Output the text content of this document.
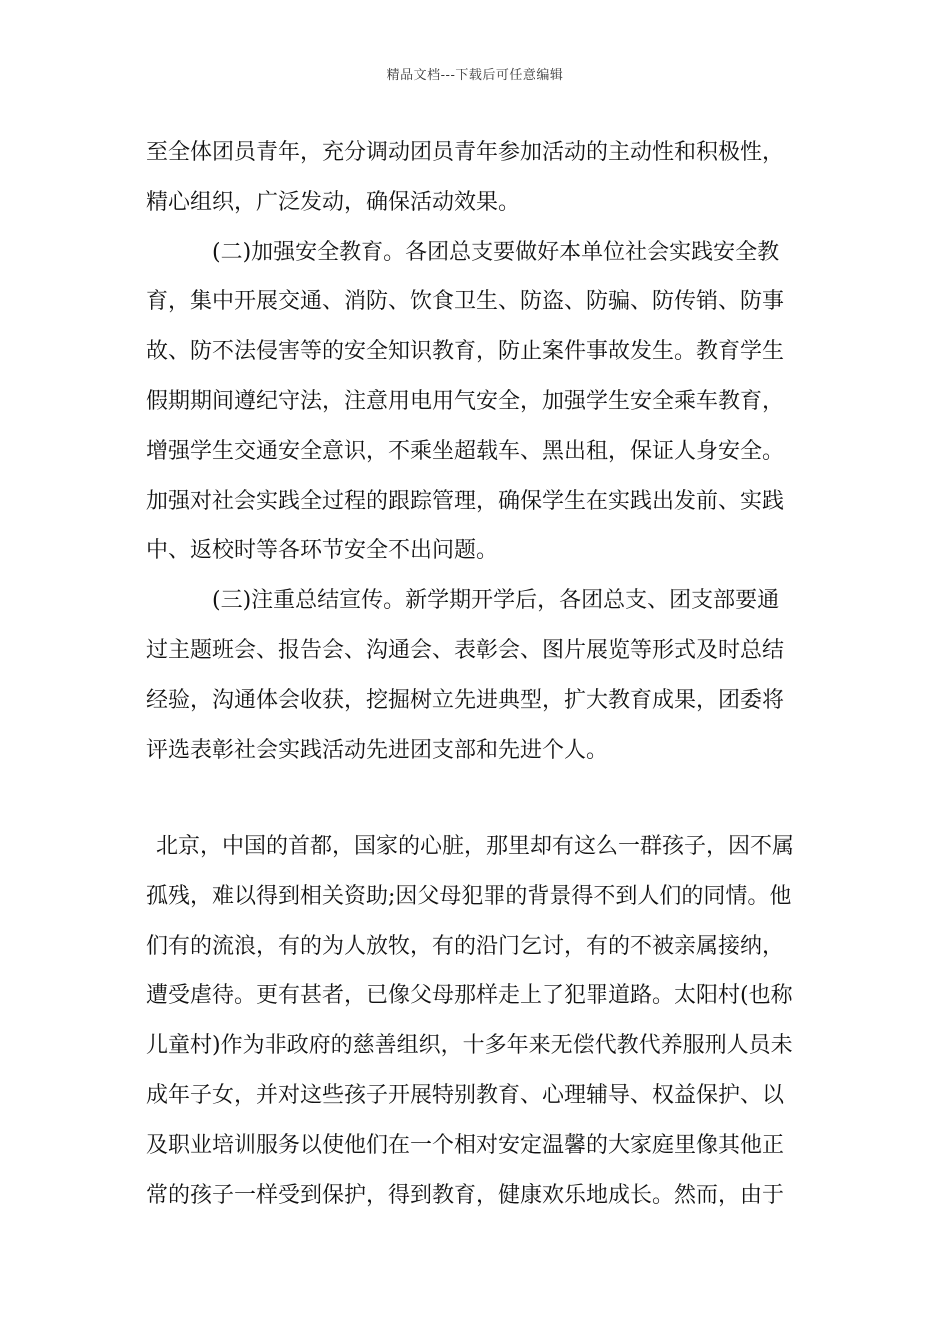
精品文档---下载后可任意编辑
至全体团员青年，充分调动团员青年参加活动的主动性和积极性，
精心组织，广泛发动，确保活动效果。
(二)加强安全教育。各团总支要做好本单位社会实践安全教
育，集中开展交通、消防、饮食卫生、防盗、防骗、防传销、防事
故、防不法侵害等的安全知识教育，防止案件事故发生。教育学生
假期期间遵纪守法，注意用电用气安全，加强学生安全乘车教育，
增强学生交通安全意识，不乘坐超载车、黑出租，保证人身安全。
加强对社会实践全过程的跟踪管理，确保学生在实践出发前、实践
中、返校时等各环节安全不出问题。
(三)注重总结宣传。新学期开学后，各团总支、团支部要通
过主题班会、报告会、沟通会、表彰会、图片展览等形式及时总结
经验，沟通体会收获，挖掘树立先进典型，扩大教育成果，团委将
评选表彰社会实践活动先进团支部和先进个人。
北京，中国的首都，国家的心脏，那里却有这么一群孩子，因不属
孤残，难以得到相关资助;因父母犯罪的背景得不到人们的同情。他
们有的流浪，有的为人放牧，有的沿门乞讨，有的不被亲属接纳，
遭受虐待。更有甚者，已像父母那样走上了犯罪道路。太阳村(也称
儿童村)作为非政府的慈善组织，十多年来无偿代教代养服刑人员未
成年子女，并对这些孩子开展特别教育、心理辅导、权益保护、以
及职业培训服务以使他们在一个相对安定温馨的大家庭里像其他正
常的孩子一样受到保护，得到教育，健康欢乐地成长。然而，由于
